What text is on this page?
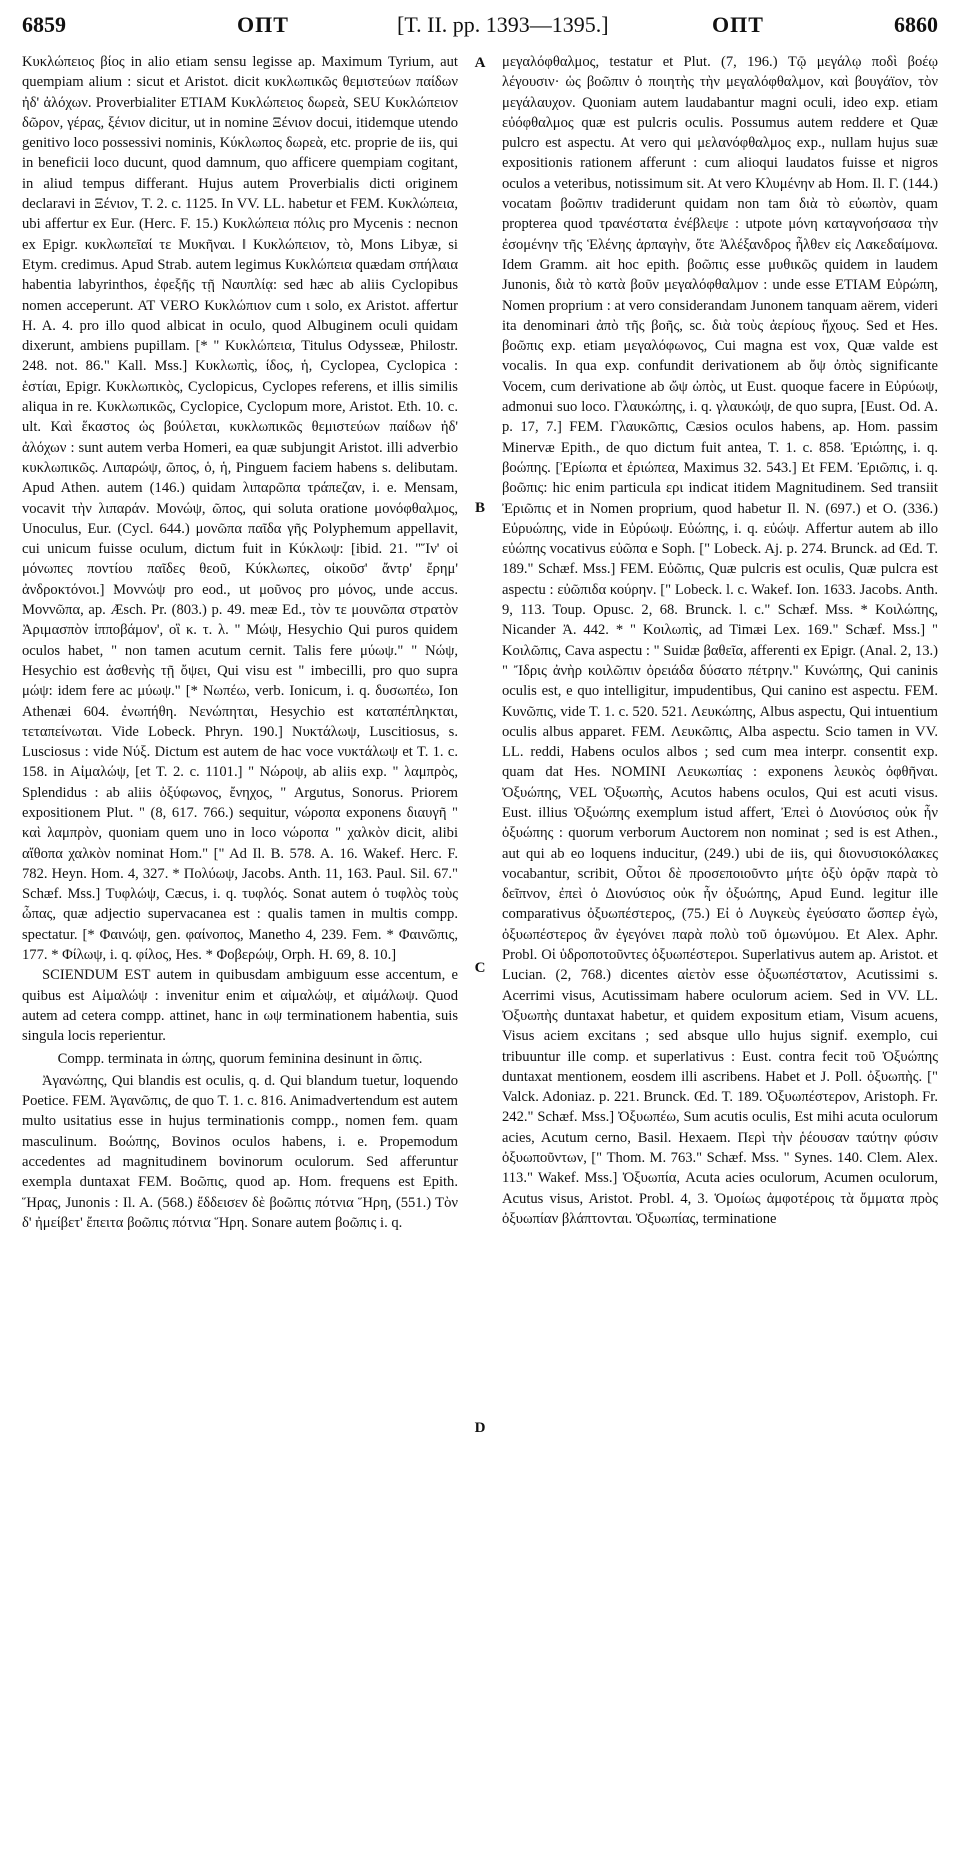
6859	ΟΠΤ	[T. II. pp. 1393—1395.]	ΟΠΤ	6860

Κυκλώπειος βίος in alio etiam sensu legisse ap. Maximum Tyrium, aut quempiam alium : sicut et Aristot. dicit κυκλωπικῶς θεμιστεύων παίδων ἠδ' ἀλόχων. Proverbialiter ETIAM Κυκλώπειος δωρεὰ, SEU Κυκλώπειον δῶρον, γέρας, ξένιον dicitur, ut in nomine Ξένιον docui, itidemque utendo genitivo loco possessivi nominis, Κύκλωπος δωρεὰ, etc. proprie de iis, qui in beneficii loco ducunt, quod damnum, quo afficere quempiam cogitant, in aliud tempus differant. Hujus autem Proverbialis dicti originem declaravi in Ξένιον, T. 2. c. 1125. In VV. LL. habetur et FEM. Κυκλώπεια, ubi affertur ex Eur. (Herc. F. 15.) Κυκλώπεια πόλις pro Mycenis : necnon ex Epigr. κυκλωπεῖαί τε Μυκῆναι. ‖ Κυκλώπειον, τὸ, Mons Libyæ, si Etym. credimus. Apud Strab. autem legimus Κυκλώπεια quædam σπήλαια habentia labyrinthos, ἐφεξῆς τῇ Ναυπλίᾳ: sed hæc ab aliis Cyclopibus nomen acceperunt. AT VERO Κυκλώπιον cum ι solo, ex Aristot. affertur H. A. 4. pro illo quod albicat in oculo, quod Albuginem oculi quidam dixerunt, ambiens pupillam. [* " Κυκλώπεια, Titulus Odysseæ, Philostr. 248. not. 86." Kall. Mss.] Κυκλωπὶς, ίδος, ἡ, Cyclopea, Cyclopica : ἑστίαι, Epigr. Κυκλωπικὸς, Cyclopicus, Cyclopes referens, et illis similis aliqua in re. Κυκλωπικῶς, Cyclopice, Cyclopum more, Aristot. Eth. 10. c. ult. Καὶ ἕκαστος ὡς βούλεται, κυκλωπικῶς θεμιστεύων παίδων ἠδ' ἀλόχων : sunt autem verba Homeri, ea quæ subjungit Aristot. illi adverbio κυκλωπικῶς. Λιπαρώψ, ῶπος, ὁ, ἡ, Pinguem faciem habens s. delibutam. Apud Athen. autem (146.) quidam λιπαρῶπα τράπεζαν, i. e. Mensam, vocavit τὴν λιπαράν. Μονώψ, ῶπος, qui soluta oratione μονόφθαλμος, Unoculus, Eur. (Cycl. 644.) μονῶπα παῖδα γῆς Polyphemum appellavit, cui unicum fuisse oculum, dictum fuit in Κύκλωψ: [ibid. 21. "Ἵν' οἱ μόνωπες ποντίου παῖδες θεοῦ, Κύκλωπες, οἰκοῦσ' ἄντρ' ἔρημ' ἀνδροκτόνοι.] Μοννώψ pro eod., ut μοῦνος pro μόνος, unde accus. Μοννῶπα, ap. Æsch. Pr. (803.) p. 49. meæ Ed., τὸν τε μουνῶπα στρατὸν Ἀριμασπὸν ἱπποβάμον', οἳ κ. τ. λ. " Μώψ, Hesychio Qui puros quidem oculos habet, " non tamen acutum cernit. Talis fere μύωψ." " Νώψ, Hesychio est ἀσθενὴς τῇ ὄψει, Qui visu est " imbecilli, pro quo supra μώψ: idem fere ac μύωψ." [* Νωπέω, verb. Ionicum, i. q. δυσωπέω, Ion Athenæi 604. ἐνωπήθη. Νενώπηται, Hesychio est καταπέπληκται, τεταπείνωται. Vide Lobeck. Phryn. 190.] Νυκτάλωψ, Luscitiosus, s. Lusciosus : vide Νύξ. Dictum est autem de hac voce νυκτάλωψ et T. 1. c. 158. in Αἰμαλώψ, [et T. 2. c. 1101.] " Νώροψ, ab aliis exp. " λαμπρὸς, Splendidus : ab aliis ὀξύφωνος, ἔνηχος, " Argutus, Sonorus. Priorem expositionem Plut. " (8, 617. 766.) sequitur, νώροπα exponens διαυγῆ " καὶ λαμπρὸν, quoniam quem uno in loco νώροπα " χαλκὸν dicit, alibi αἴθοπα χαλκὸν nominat Hom." [" Ad Il. B. 578. A. 16. Wakef. Herc. F. 782. Heyn. Hom. 4, 327. * Πολύωψ, Jacobs. Anth. 11, 163. Paul. Sil. 67." Schæf. Mss.] Τυφλώψ, Cæcus, i. q. τυφλός. Sonat autem ὁ τυφλὸς τοὺς ὦπας, quæ adjectio supervacanea est : qualis tamen in multis compp. spectatur. [* Φαινώψ, gen. φαίνοπος, Manetho 4, 239. Fem. * Φαινῶπις, 177. * Φίλωψ, i. q. φίλος, Hes. * Φοβερώψ, Orph. H. 69, 8. 10.]

SCIENDUM EST autem in quibusdam ambiguum esse accentum, e quibus est Αἰμαλώψ : invenitur enim et αἰμαλώψ, et αἱμάλωψ. Quod autem ad cetera compp. attinet, hanc in ωψ terminationem habentia, suis singula locis reperientur.

Compp. terminata in ώπης, quorum feminina desinunt in ῶπις.

Ἀγανώπης, Qui blandis est oculis, q. d. Qui blandum tuetur, loquendo Poetice. FEM. Ἀγανῶπις, de quo T. 1. c. 816. Animadvertendum est autem multo usitatius esse in hujus terminationis compp., nomen fem. quam masculinum. Βοώπης, Bovinos oculos habens, i. e. Propemodum accedentes ad magnitudinem bovinorum oculorum. Sed afferuntur exempla duntaxat FEM. Βοῶπις, quod ap. Hom. frequens est Epith. Ἥρας, Junonis : Il. A. (568.) ἔδδεισεν δὲ βοῶπις πότνια Ἥρη, (551.) Τὸν δ' ἠμείβετ' ἔπειτα βοῶπις πότνια Ἥρη. Sonare autem βοῶπις i. q.

A
B
C
D

μεγαλόφθαλμος, testatur et Plut. (7, 196.) Τῷ μεγάλῳ ποδὶ βοέῳ λέγουσιν· ὡς βοῶπιν ὁ ποιητὴς τὴν μεγαλόφθαλμον, καὶ βουγάϊον, τὸν μεγάλαυχον. Quoniam autem laudabantur magni oculi, ideo exp. etiam εὐόφθαλμος quæ est pulcris oculis. Possumus autem reddere et Quæ pulcro est aspectu. At vero qui μελανόφθαλμος exp., nullam hujus suæ expositionis rationem afferunt : cum alioqui laudatos fuisse et nigros oculos a veteribus, notissimum sit. At vero Κλυμένην ab Hom. Il. Γ. (144.) vocatam βοῶπιν tradiderunt quidam non tam διὰ τὸ εὐωπὸν, quam propterea quod τρανέστατα ἐνέβλεψε : utpote μόνη καταγνοήσασα τὴν ἐσομένην τῆς Ἑλένης ἁρπαγὴν, ὅτε Ἀλέξανδρος ἦλθεν εἰς Λακεδαίμονα. Idem Gramm. ait hoc epith. βοῶπις esse μυθικῶς quidem in laudem Junonis, διὰ τὸ κατὰ βοῦν μεγαλόφθαλμον : unde esse ETIAM Εὐρώπη, Nomen proprium : at vero considerandam Junonem tanquam aërem, videri ita denominari ἀπὸ τῆς βοῆς, sc. διὰ τοὺς ἀερίους ἤχους. Sed et Hes. βοῶπις exp. etiam μεγαλόφωνος, Cui magna est vox, Quæ valde est vocalis. In qua exp. confundit derivationem ab ὄψ ὀπὸς significante Vocem, cum derivatione ab ὤψ ὠπὸς, ut Eust. quoque facere in Εὐρύωψ, admonui suo loco. Γλαυκώπης, i. q. γλαυκώψ, de quo supra, [Eust. Od. A. p. 17, 7.] FEM. Γλαυκῶπις, Cæsios oculos habens, ap. Hom. passim Minervæ Epith., de quo dictum fuit antea, T. 1. c. 858. Ἐριώπης, i. q. βοώπης. [Ἐρίωπα et ἐριώπεα, Maximus 32. 543.] Et FEM. Ἐριῶπις, i. q. βοῶπις: hic enim particula ερι indicat itidem Magnitudinem. Sed transiit Ἐριῶπις et in Nomen proprium, quod habetur Il. N. (697.) et O. (336.) Εὐρυώπης, vide in Εὐρύωψ. Εὐώπης, i. q. εὐώψ. Affertur autem ab illo εὐώπης vocativus εὐῶπα e Soph. [" Lobeck. Aj. p. 274. Brunck. ad Œd. T. 189." Schæf. Mss.] FEM. Εὐῶπις, Quæ pulcris est oculis, Quæ pulcra est aspectu : εὐῶπιδα κούρην. [" Lobeck. l. c. Wakef. Ion. 1633. Jacobs. Anth. 9, 113. Toup. Opusc. 2, 68. Brunck. l. c." Schæf. Mss. * Κοιλώπης, Nicander Ἀ. 442. * " Κοιλωπὶς, ad Timæi Lex. 169." Schæf. Mss.] " Κοιλῶπις, Cava aspectu : " Suidæ βαθεῖα, afferenti ex Epigr. (Anal. 2, 13.) " Ἴδρις ἀνὴρ κοιλῶπιν ὀρειάδα δύσατο πέτρην." Κυνώπης, Qui caninis oculis est, e quo intelligitur, impudentibus, Qui canino est aspectu. FEM. Κυνῶπις, vide T. 1. c. 520. 521. Λευκώπης, Albus aspectu, Qui intuentium oculis albus apparet. FEM. Λευκῶπις, Alba aspectu. Scio tamen in VV. LL. reddi, Habens oculos albos ; sed cum mea interpr. consentit exp. quam dat Hes. NOMINI Λευκωπίας : exponens λευκὸς ὀφθῆναι. Ὀξυώπης, VEL Ὀξυωπὴς, Acutos habens oculos, Qui est acuti visus. Eust. illius Ὀξυώπης exemplum istud affert, Ἐπεὶ ὁ Διονύσιος οὐκ ἦν ὀξυώπης : quorum verborum Auctorem non nominat ; sed is est Athen., aut qui ab eo loquens inducitur, (249.) ubi de iis, qui διονυσιοκόλακες vocabantur, scribit, Οὗτοι δὲ προσεποιοῦντο μήτε ὀξὺ ὁρᾷν παρὰ τὸ δεῖπνον, ἐπεὶ ὁ Διονύσιος οὐκ ἦν ὀξυώπης, Apud Eund. legitur ille comparativus ὀξυωπέστερος, (75.) Εἰ ὁ Λυγκεὺς ἐγεύσατο ὥσπερ ἐγὼ, ὀξυωπέστερος ἂν ἐγεγόνει παρὰ πολὺ τοῦ ὁμωνύμου. Et Alex. Aphr. Probl. Οἱ ὑδροποτοῦντες ὀξυωπέστεροι. Superlativus autem ap. Aristot. et Lucian. (2, 768.) dicentes αἰετὸν esse ὀξυωπέστατον, Acutissimi s. Acerrimi visus, Acutissimam habere oculorum aciem. Sed in VV. LL. Ὀξυωπὴς duntaxat habetur, et quidem expositum etiam, Visum acuens, Visus aciem excitans ; sed absque ullo hujus signif. exemplo, cui tribuuntur ille comp. et superlativus : Eust. contra fecit τοῦ Ὀξυώπης duntaxat mentionem, eosdem illi ascribens. Habet et J. Poll. ὀξυωπὴς. [" Valck. Adoniaz. p. 221. Brunck. Œd. T. 189. Ὀξυωπέστερον, Aristoph. Fr. 242." Schæf. Mss.] Ὀξυωπέω, Sum acutis oculis, Est mihi acuta oculorum acies, Acutum cerno, Basil. Hexaem. Περὶ τὴν ῥέουσαν ταύτην φύσιν ὀξυωποῦντων, [" Thom. M. 763." Schæf. Mss. " Synes. 140. Clem. Alex. 113." Wakef. Mss.] Ὀξυωπία, Acuta acies oculorum, Acumen oculorum, Acutus visus, Aristot. Probl. 4, 3. Ὁμοίως ἀμφοτέροις τὰ ὄμματα πρὸς ὀξυωπίαν βλάπτονται. Ὀξυωπίας, terminatione
